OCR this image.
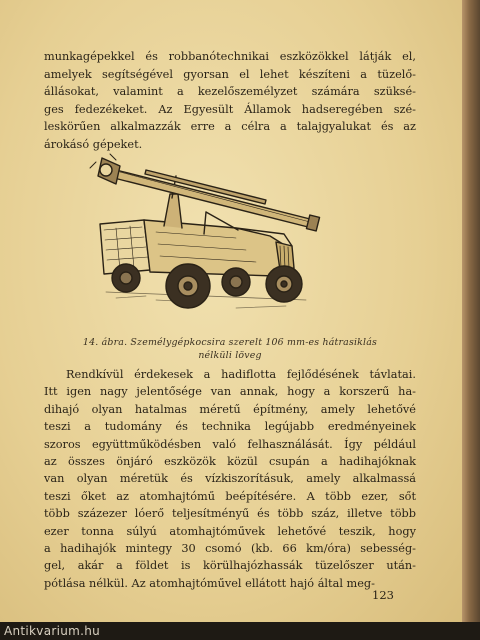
munkagépekkel és robbanótechnikai eszközökkel látják el,
amelyek segítségével gyorsan el lehet készíteni a tüzelő-
állásokat, valamint a kezelőszemélyzet számára szüksé-
ges fedezékeket. Az Egyesült Államok hadseregében szé-
leskörűen alkalmazzák erre a célra a talajgyalukat és az
árokásó gépeket.
14. ábra. Személygépkocsira szerelt 106 mm-es hátrasiklás
nélküli löveg
Rendkívül érdekesek a hadiflotta fejlődésének távlatai.
Itt igen nagy jelentősége van annak, hogy a korszerű ha-
dihajó olyan hatalmas méretű építmény, amely lehetővé
teszi a tudomány és technika legújabb eredményeinek
szoros együttműködésben való felhasználását. Így például
az összes önjáró eszközök közül csupán a hadihajóknak
van olyan méretük és vízkiszorításuk, amely alkalmassá
teszi őket az atomhajtómű beépítésére. A több ezer, sőt
több százezer lóerő teljesítményű és több száz, illetve több
ezer tonna súlyú atomhajtóművek lehetővé teszik, hogy
a hadihajók mintegy 30 csomó (kb. 66 km/óra) sebesség-
gel, akár a földet is körülhajózhassák tüzelőszer után-
pótlása nélkül. Az atomhajtóművel ellátott hajó által meg-
123
Antikvarium.hu
